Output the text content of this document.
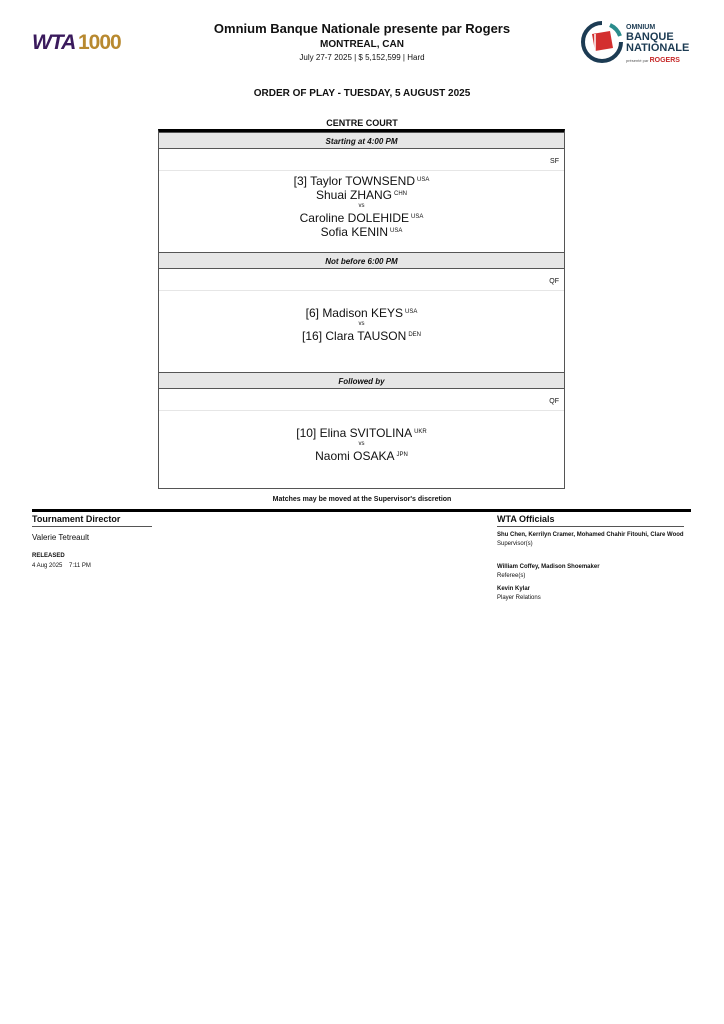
WTA 1000
Omnium Banque Nationale presente par Rogers
MONTREAL, CAN
July 27-7 2025 | $ 5,152,599 | Hard
OMNIUM
BANQUE
NATIONALE
présenté par ROGERS
ORDER OF PLAY - TUESDAY, 5 AUGUST 2025
CENTRE COURT
Starting at 4:00 PM
SF
[3] Taylor TOWNSEND $^{USA}$
Shuai ZHANG $^{CHN}$
vs
Caroline DOLEHIDE $^{USA}$
Sofia KENIN $^{USA}$
Not before 6:00 PM
QF
[6] Madison KEYS $^{USA}$
vs
[16] Clara TAUSON $^{DEN}$
Followed by
QF
[10] Elina SVITOLINA $^{UKR}$
vs
Naomi OSAKA $^{JPN}$
Matches may be moved at the Supervisor's discretion
Tournament Director
Valerie Tetreault
RELEASED
4 Aug 2025    7:11 PM
WTA Officials
Shu Chen, Kerrilyn Cramer, Mohamed Chahir Fitouhi, Clare Wood
Supervisor(s)
William Coffey, Madison Shoemaker
Referee(s)
Kevin Kylar
Player Relations
